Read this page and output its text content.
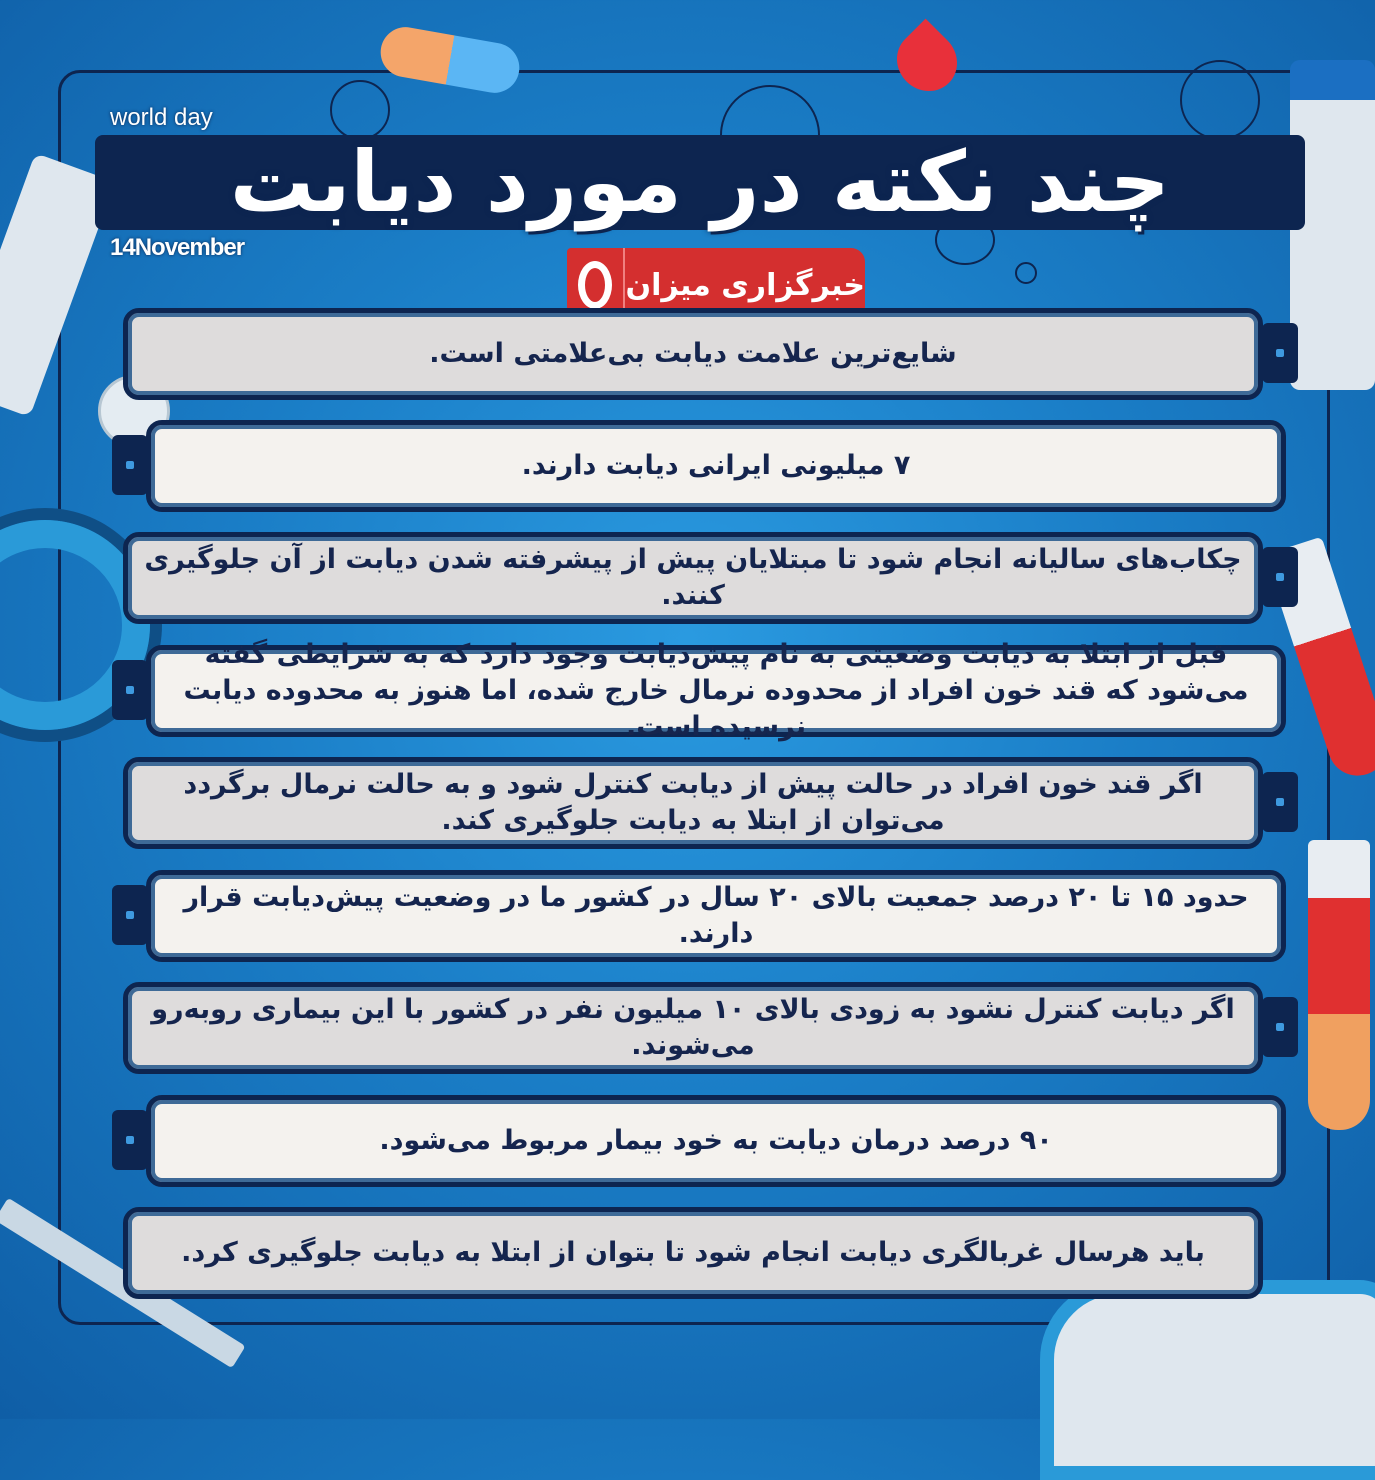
چند نکته در مورد دیابت
world day
14November
خبرگزاری میزان
شایع‌ترین علامت دیابت بی‌علامتی است.
۷ میلیونی ایرانی دیابت دارند.
چکاب‌های سالیانه انجام شود تا مبتلایان پیش از پیشرفته شدن دیابت از آن جلوگیری کنند.
قبل از ابتلا به دیابت وضعیتی به نام پیش‌دیابت وجود دارد که به شرایطی گفته می‌شود که قند خون افراد از محدوده نرمال خارج شده، اما هنوز به محدوده دیابت نرسیده است.
اگر قند خون افراد در حالت پیش از دیابت کنترل شود و به حالت نرمال برگردد می‌توان از ابتلا به دیابت جلوگیری کند.
حدود ۱۵ تا ۲۰ درصد جمعیت بالای ۲۰ سال در کشور ما در وضعیت پیش‌دیابت قرار دارند.
اگر دیابت کنترل نشود به زودی بالای ۱۰ میلیون نفر در کشور با این بیماری روبه‌رو می‌شوند.
۹۰ درصد درمان دیابت به خود بیمار مربوط می‌شود.
باید هرسال غربالگری دیابت انجام شود تا بتوان از ابتلا به دیابت جلوگیری کرد.
